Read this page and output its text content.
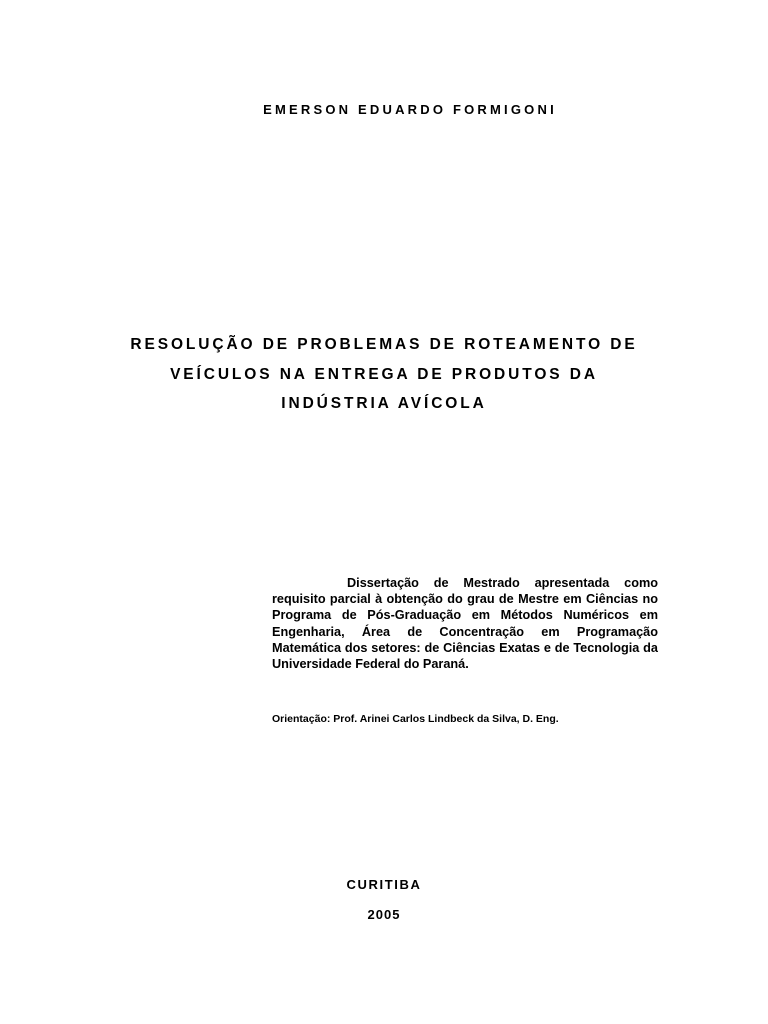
EMERSON EDUARDO FORMIGONI
RESOLUÇÃO DE PROBLEMAS DE ROTEAMENTO DE
VEÍCULOS NA ENTREGA DE PRODUTOS DA
INDÚSTRIA AVÍCOLA
Dissertação de Mestrado apresentada como requisito parcial à obtenção do grau de Mestre em Ciências no Programa de Pós-Graduação em Métodos Numéricos em Engenharia, Área de Concentração em Programação Matemática dos setores: de Ciências Exatas e de Tecnologia da Universidade Federal do Paraná.
Orientação: Prof. Arinei Carlos Lindbeck da Silva, D. Eng.
CURITIBA
2005
